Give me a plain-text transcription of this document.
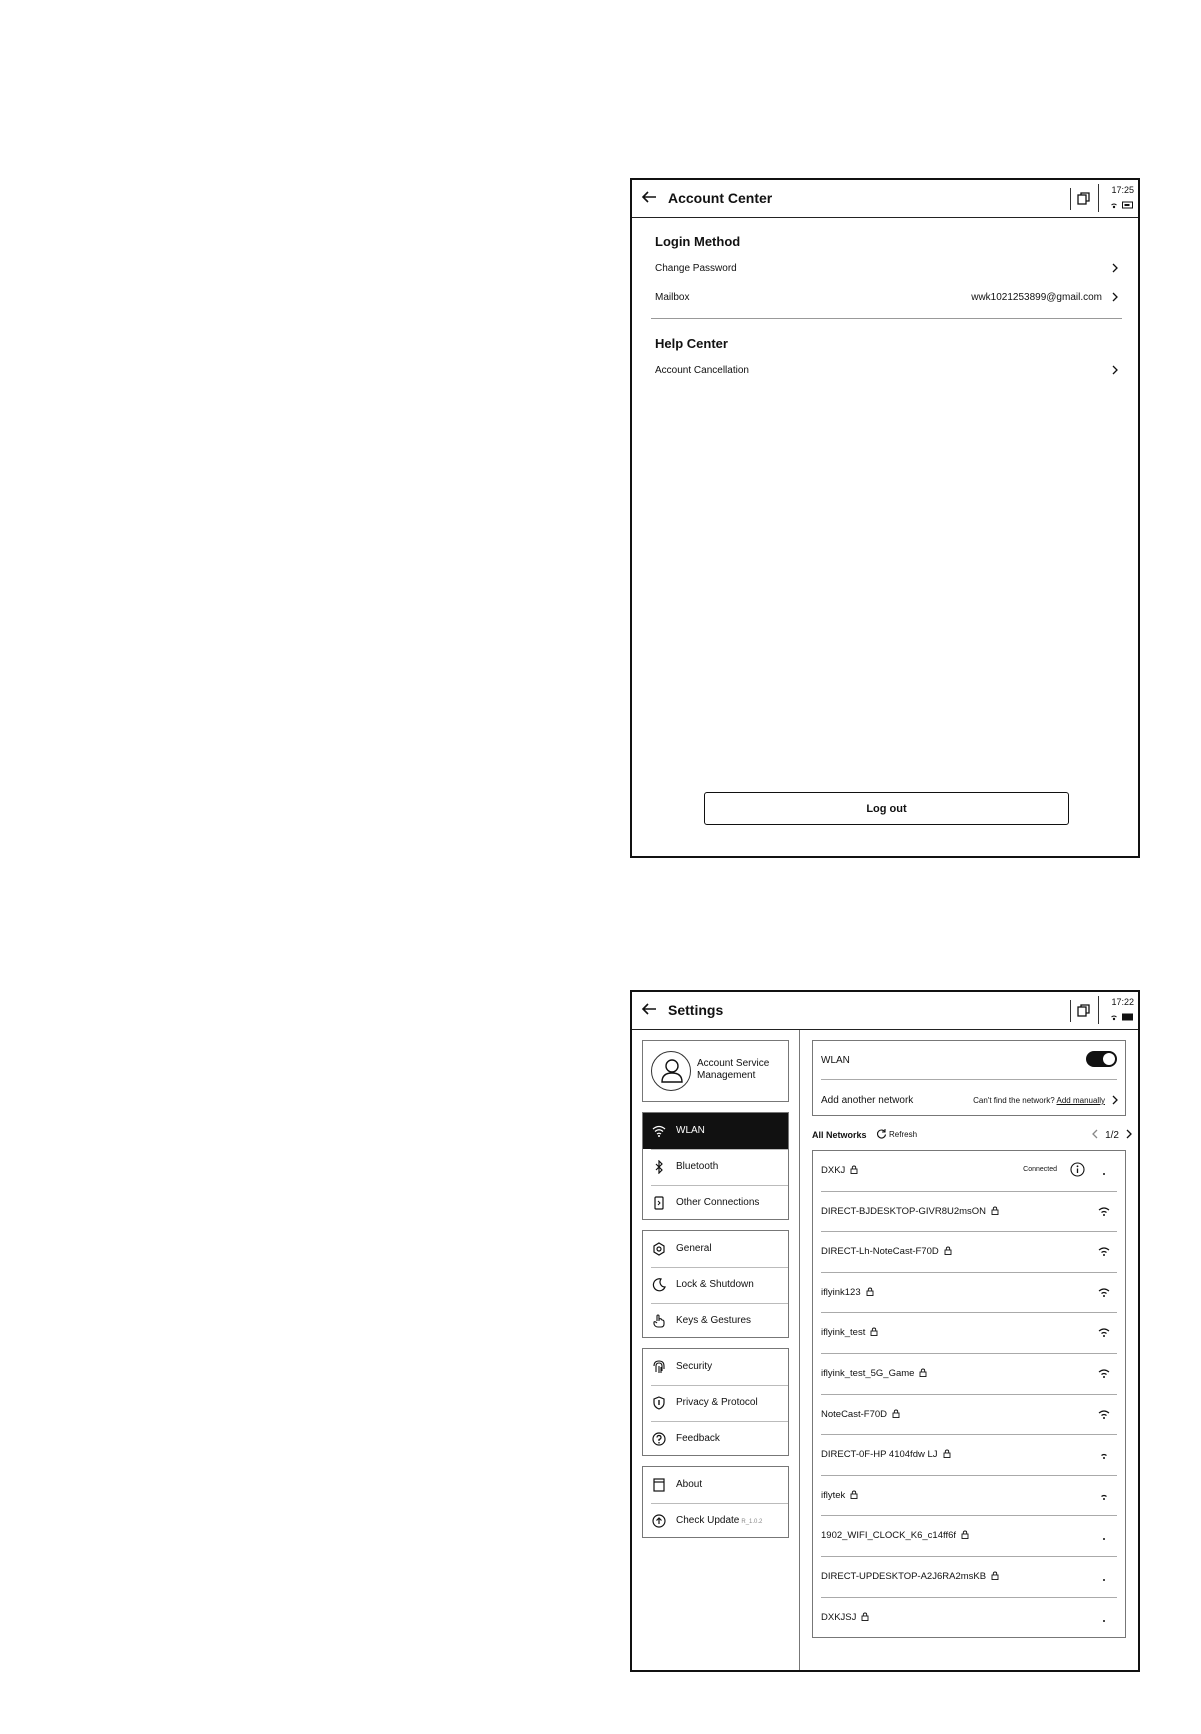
Account Center	17:25

Login Method
Change Password
Mailbox	wwk1021253899@gmail.com
Help Center
Account Cancellation
Log out
Settings	17:22

Account Service
Management
WLAN
Bluetooth
Other Connections
General
Lock & Shutdown
Keys & Gestures
Security
Privacy & Protocol
Feedback
About
Check Update R_1.0.2
WLAN
Add another network	Can't find the network? Add manually
All Networks	Refresh	1/2
DXKJ	Connected
DIRECT-BJDESKTOP-GIVR8U2msON
DIRECT-Lh-NoteCast-F70D
iflyink123
iflyink_test
iflyink_test_5G_Game
NoteCast-F70D
DIRECT-0F-HP 4104fdw LJ
iflytek
1902_WIFI_CLOCK_K6_c14ff6f
DIRECT-UPDESKTOP-A2J6RA2msKB
DXKJSJ
